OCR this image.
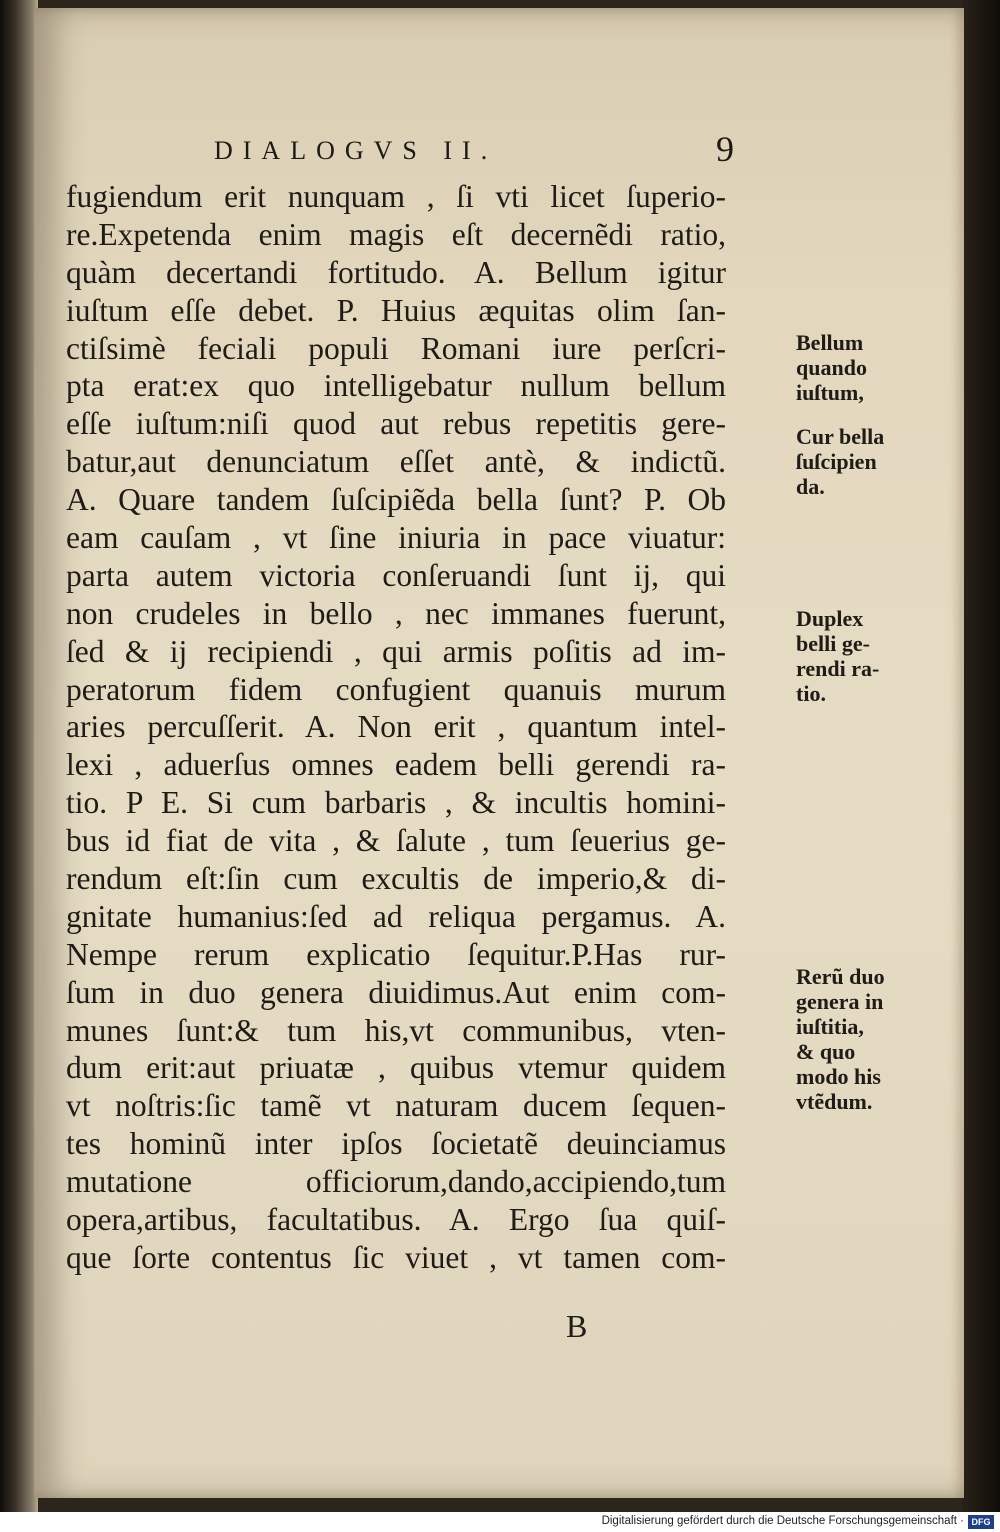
DIALOGVS II.	9
fugiendum erit nunquam , ſi vti licet ſuperio-
re.Expetenda enim magis eſt decernẽdi ratio,
quàm decertandi fortitudo. A. Bellum igitur
iuſtum eſſe debet. P. Huius æquitas olim ſan-
ctiſsimè feciali populi Romani iure perſcri-
pta erat:ex quo intelligebatur nullum bellum
eſſe iuſtum:niſi quod aut rebus repetitis gere-
batur,aut denunciatum eſſet antè, & indictũ.
A. Quare tandem ſuſcipiẽda bella ſunt? P. Ob
eam cauſam , vt ſine iniuria in pace viuatur:
parta autem victoria conſeruandi ſunt ij, qui
non crudeles in bello , nec immanes fuerunt,
ſed & ij recipiendi , qui armis poſitis ad im-
peratorum fidem confugient quanuis murum
aries percuſſerit. A. Non erit , quantum intel-
lexi , aduerſus omnes eadem belli gerendi ra-
tio. P E. Si cum barbaris , & incultis homini-
bus id fiat de vita , & ſalute , tum ſeuerius ge-
rendum eſt:ſin cum excultis de imperio,& di-
gnitate humanius:ſed ad reliqua pergamus. A.
Nempe rerum explicatio ſequitur.P.Has rur-
ſum in duo genera diuidimus.Aut enim com-
munes ſunt:& tum his,vt communibus, vten-
dum erit:aut priuatæ , quibus vtemur quidem
vt noſtris:ſic tamẽ vt naturam ducem ſequen-
tes hominũ inter ipſos ſocietatẽ deuinciamus
mutatione officiorum,dando,accipiendo,tum
opera,artibus, facultatibus. A. Ergo ſua quiſ-
que ſorte contentus ſic viuet , vt tamen com-
Bellum
quando
iuſtum,
Cur bella
ſuſcipien
da.
Duplex
belli ge-
rendi ra-
tio.
Rerũ duo
genera in
iuſtitia,
& quo
modo his
vtẽdum.
B
Digitalisierung gefördert durch die Deutsche Forschungsgemeinschaft · DFG
